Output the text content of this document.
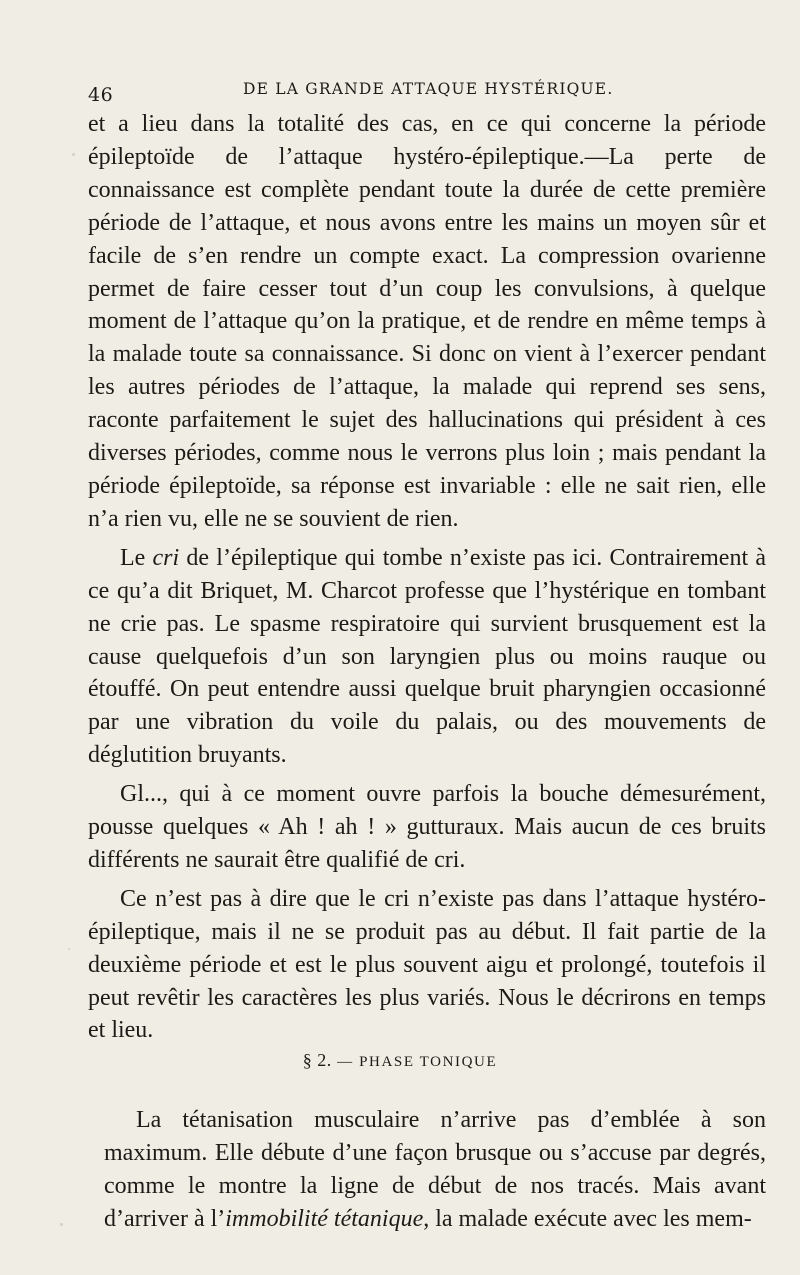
46	DE LA GRANDE ATTAQUE HYSTÉRIQUE.

et a lieu dans la totalité des cas, en ce qui concerne la période épileptoïde de l’attaque hystéro-épileptique.—La perte de connaissance est complète pendant toute la durée de cette première période de l’attaque, et nous avons entre les mains un moyen sûr et facile de s’en rendre un compte exact. La compression ovarienne permet de faire cesser tout d’un coup les convulsions, à quelque moment de l’attaque qu’on la pratique, et de rendre en même temps à la malade toute sa connaissance. Si donc on vient à l’exercer pendant les autres périodes de l’attaque, la malade qui reprend ses sens, raconte parfaitement le sujet des hallucinations qui président à ces diverses périodes, comme nous le verrons plus loin ; mais pendant la période épileptoïde, sa réponse est invariable : elle ne sait rien, elle n’a rien vu, elle ne se souvient de rien.

Le cri de l’épileptique qui tombe n’existe pas ici. Contrairement à ce qu’a dit Briquet, M. Charcot professe que l’hystérique en tombant ne crie pas. Le spasme respiratoire qui survient brusquement est la cause quelquefois d’un son laryngien plus ou moins rauque ou étouffé. On peut entendre aussi quelque bruit pharyngien occasionné par une vibration du voile du palais, ou des mouvements de déglutition bruyants.

Gl..., qui à ce moment ouvre parfois la bouche démesurément, pousse quelques « Ah ! ah ! » gutturaux. Mais aucun de ces bruits différents ne saurait être qualifié de cri.

Ce n’est pas à dire que le cri n’existe pas dans l’attaque hystéro-épileptique, mais il ne se produit pas au début. Il fait partie de la deuxième période et est le plus souvent aigu et prolongé, toutefois il peut revêtir les caractères les plus variés. Nous le décrirons en temps et lieu.

§ 2. — PHASE TONIQUE

La tétanisation musculaire n’arrive pas d’emblée à son maximum. Elle débute d’une façon brusque ou s’accuse par degrés, comme le montre la ligne de début de nos tracés. Mais avant d’arriver à l’immobilité tétanique, la malade exécute avec les mem-
